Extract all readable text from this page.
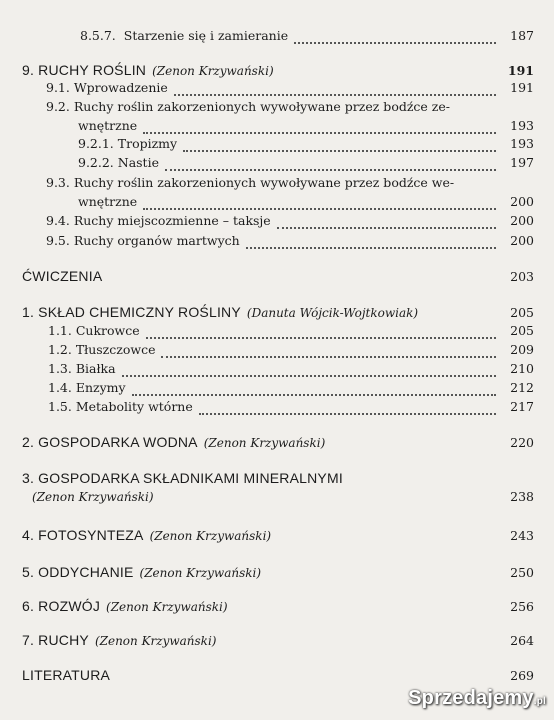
8.5.7. Starzenie się i zamieranie	187
9. RUCHY ROŚLIN (Zenon Krzywański)	191
9.1. Wprowadzenie	191
9.2. Ruchy roślin zakorzenionych wywoływane przez bodźce ze-
wnętrzne	193
9.2.1. Tropizmy	193
9.2.2. Nastie	197
9.3. Ruchy roślin zakorzenionych wywoływane przez bodźce we-
wnętrzne	200
9.4. Ruchy miejscozmienne – taksje	200
9.5. Ruchy organów martwych	200
ĆWICZENIA	203
1. SKŁAD CHEMICZNY ROŚLINY (Danuta Wójcik-Wojtkowiak)	205
1.1. Cukrowce	205
1.2. Tłuszczowce	209
1.3. Białka	210
1.4. Enzymy	212
1.5. Metabolity wtórne	217
2. GOSPODARKA WODNA (Zenon Krzywański)	220
3. GOSPODARKA SKŁADNIKAMI MINERALNYMI
(Zenon Krzywański)	238
4. FOTOSYNTEZA (Zenon Krzywański)	243
5. ODDYCHANIE (Zenon Krzywański)	250
6. ROZWÓJ (Zenon Krzywański)	256
7. RUCHY (Zenon Krzywański)	264
LITERATURA	269
Sprzedajemy.pl
